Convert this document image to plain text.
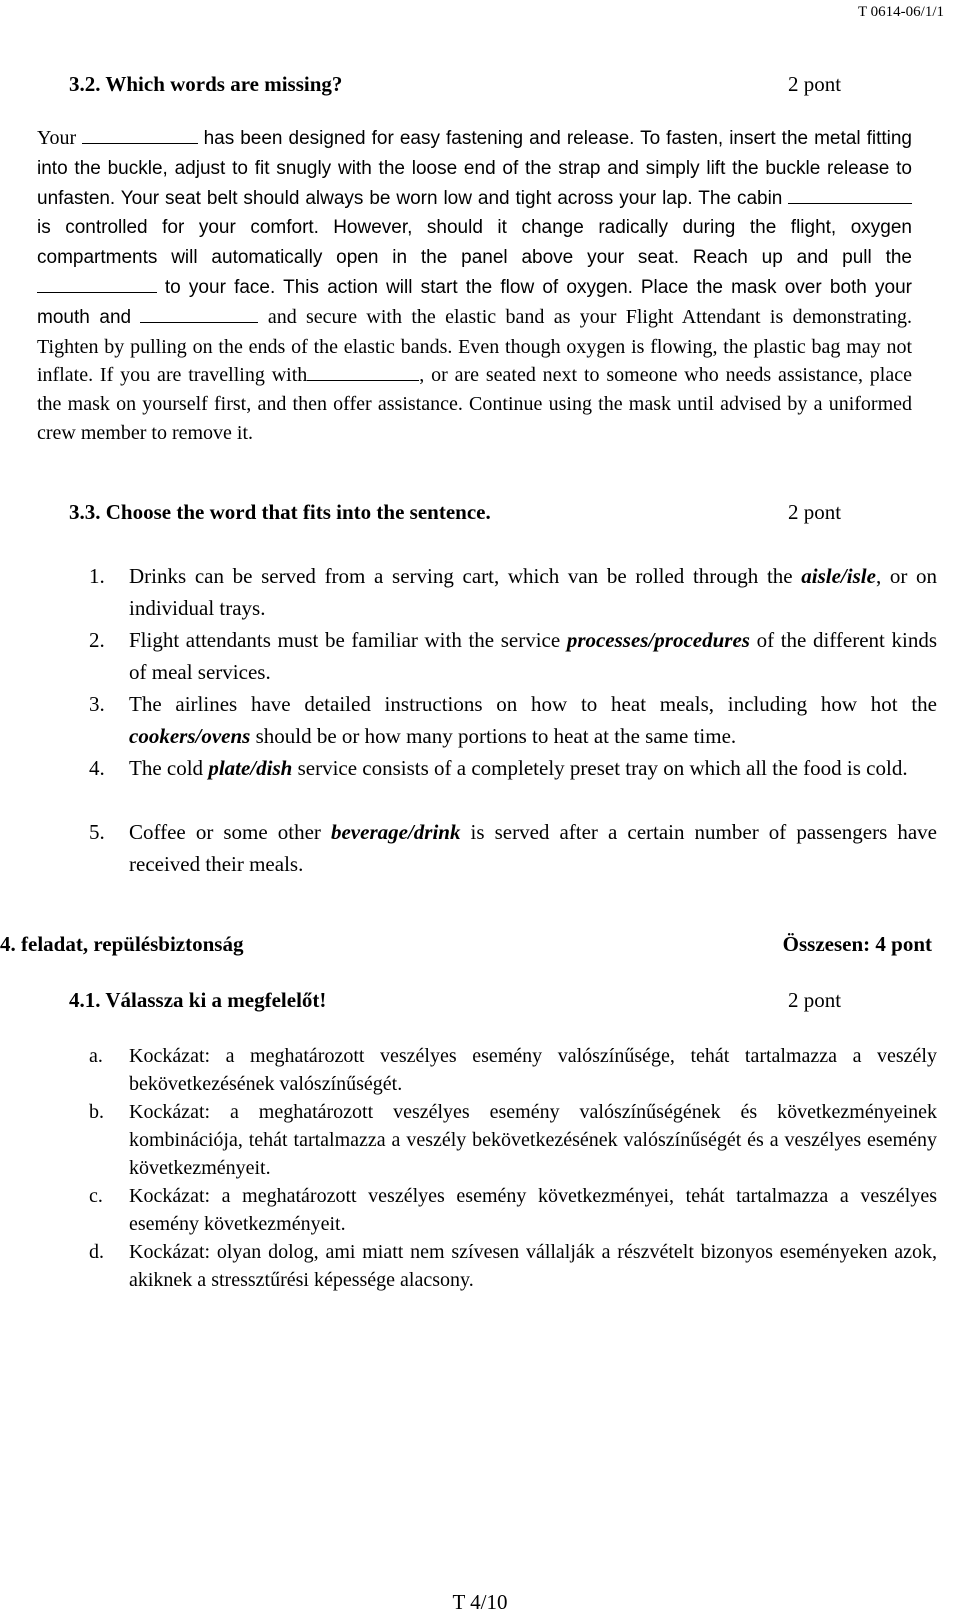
T 0614-06/1/1
3.2. Which words are missing?	2 pont
Your	has been designed for easy fastening and release. To fasten, insert the metal fitting into the buckle, adjust to fit snugly with the loose end of the strap and simply lift the buckle release to unfasten. Your seat belt should always be worn low and tight across your lap. The cabin  is controlled for your comfort. However, should it change radically during the flight, oxygen compartments will automatically open in the panel above your seat. Reach up and pull the  to your face. This action will start the flow of oxygen. Place the mask over both your mouth and	and secure with the elastic band as your Flight Attendant is demonstrating. Tighten by pulling on the ends of the elastic bands. Even though oxygen is flowing, the plastic bag may not inflate. If you are travelling with	, or are seated next to someone who needs assistance, place the mask on yourself first, and then offer assistance. Continue using the mask until advised by a uniformed crew member to remove it.
3.3. Choose the word that fits into the sentence.	2 pont
1. Drinks can be served from a serving cart, which van be rolled through the aisle/isle, or on individual trays.
2. Flight attendants must be familiar with the service processes/procedures of the different kinds of meal services.
3. The airlines have detailed instructions on how to heat meals, including how hot the cookers/ovens should be or how many portions to heat at the same time.
4. The cold plate/dish service consists of a completely preset tray on which all the food is cold.
5. Coffee or some other beverage/drink is served after a certain number of passengers have received their meals.
4. feladat, repülésbiztonság	Összesen: 4 pont
4.1. Válassza ki a megfelelőt!	2 pont
a. Kockázat: a meghatározott veszélyes esemény valószínűsége, tehát tartalmazza a veszély bekövetkezésének valószínűségét.
b. Kockázat: a meghatározott veszélyes esemény valószínűségének és következményeinek kombinációja, tehát tartalmazza a veszély bekövetkezésének valószínűségét és a veszélyes esemény következményeit.
c. Kockázat: a meghatározott veszélyes esemény következményei, tehát tartalmazza a veszélyes esemény következményeit.
d. Kockázat: olyan dolog, ami miatt nem szívesen vállalják a részvételt bizonyos eseményeken azok, akiknek a stressztűrési képessége alacsony.
T 4/10
